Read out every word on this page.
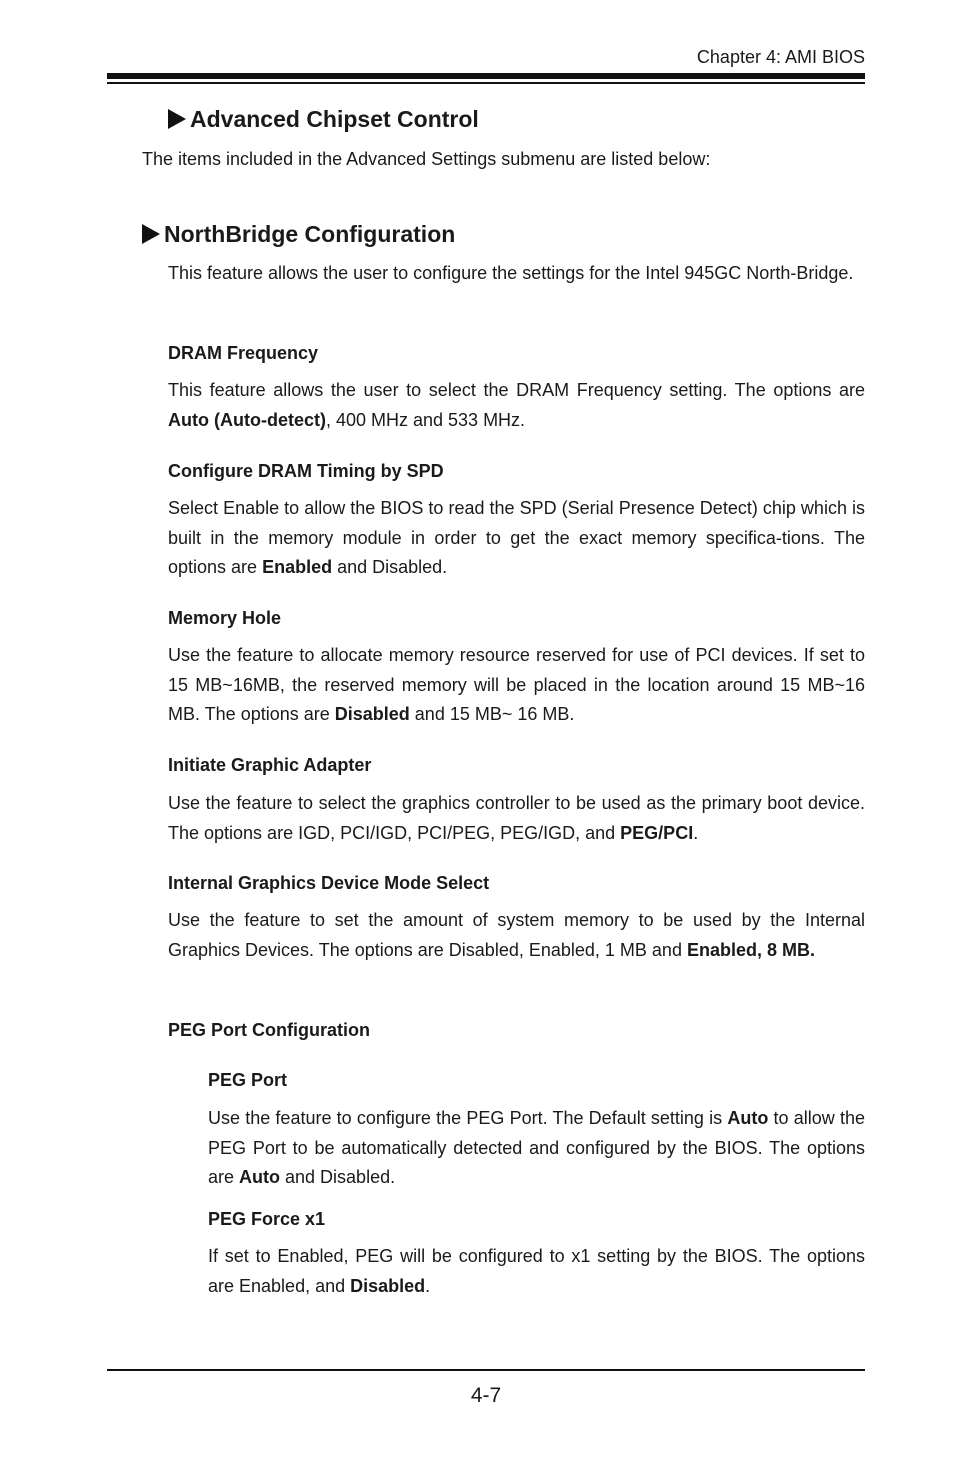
Chapter 4: AMI BIOS
Advanced Chipset Control
The items included in the Advanced Settings submenu are listed below:
NorthBridge Configuration
This feature allows the user to configure the settings for the Intel 945GC North-Bridge.
DRAM Frequency
This feature allows the user to select the DRAM Frequency setting. The options are Auto (Auto-detect), 400 MHz and 533 MHz.
Configure DRAM Timing by SPD
Select Enable to allow the BIOS to read the SPD (Serial Presence Detect) chip which is built in the memory module in order to get the exact memory specifica-tions. The options are Enabled and Disabled.
Memory Hole
Use the feature to allocate memory resource reserved for use of PCI devices. If set to 15 MB~16MB, the reserved memory will be placed in the location around 15 MB~16 MB. The options are Disabled and 15 MB~ 16 MB.
Initiate Graphic Adapter
Use the feature to select the graphics controller to be used as the primary boot device. The options are IGD, PCI/IGD, PCI/PEG, PEG/IGD, and PEG/PCI.
Internal Graphics Device Mode Select
Use the feature to set the amount of system memory to be used by the Internal Graphics Devices. The options are Disabled, Enabled, 1 MB and Enabled, 8 MB.
PEG Port Configuration
PEG Port
Use the feature to configure the PEG Port. The Default setting is Auto to allow the PEG Port to be automatically detected and configured by the BIOS. The options are Auto and Disabled.
PEG Force x1
If set to Enabled, PEG will be configured to x1 setting by the BIOS. The options are Enabled, and Disabled.
4-7
